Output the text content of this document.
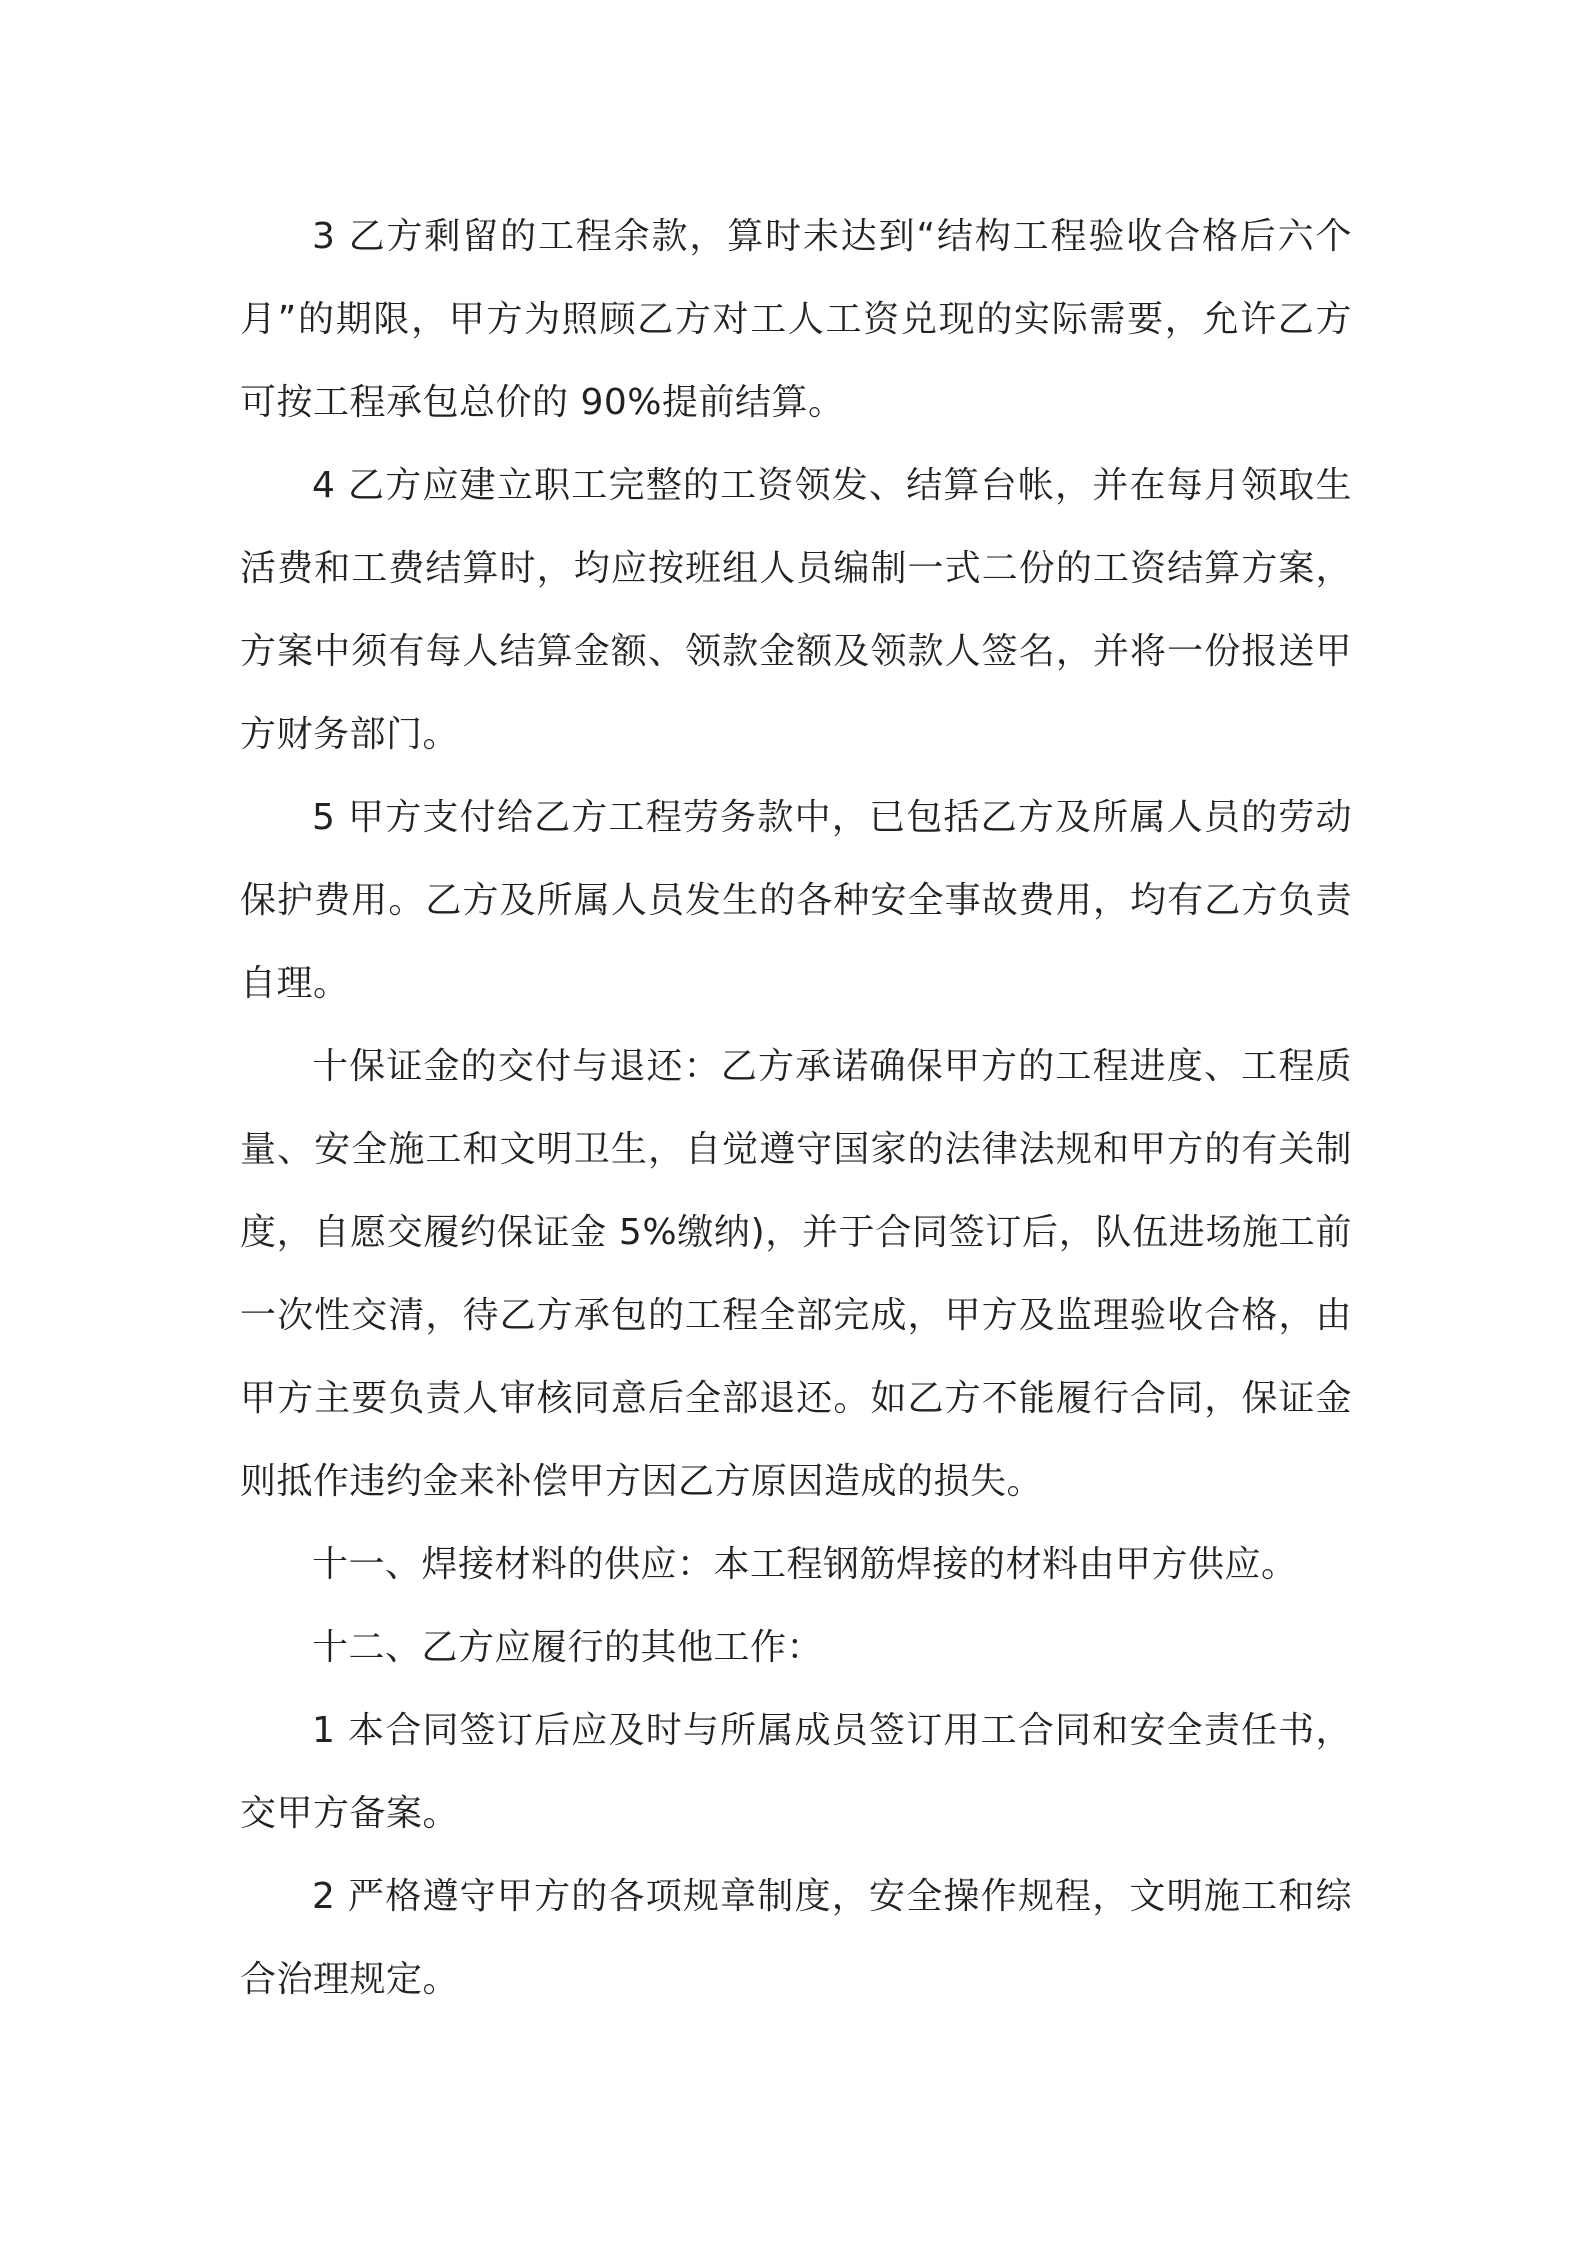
3 乙方剩留的工程余款，算时未达到“结构工程验收合格后六个月”的期限，甲方为照顾乙方对工人工资兑现的实际需要，允许乙方可按工程承包总价的 90%提前结算。

4 乙方应建立职工完整的工资领发、结算台帐，并在每月领取生活费和工费结算时，均应按班组人员编制一式二份的工资结算方案，方案中须有每人结算金额、领款金额及领款人签名，并将一份报送甲方财务部门。

5 甲方支付给乙方工程劳务款中，已包括乙方及所属人员的劳动保护费用。乙方及所属人员发生的各种安全事故费用，均有乙方负责自理。

十保证金的交付与退还：乙方承诺确保甲方的工程进度、工程质量、安全施工和文明卫生，自觉遵守国家的法律法规和甲方的有关制度，自愿交履约保证金 5%缴纳)，并于合同签订后，队伍进场施工前一次性交清，待乙方承包的工程全部完成，甲方及监理验收合格，由甲方主要负责人审核同意后全部退还。如乙方不能履行合同，保证金则抵作违约金来补偿甲方因乙方原因造成的损失。

十一、焊接材料的供应：本工程钢筋焊接的材料由甲方供应。

十二、乙方应履行的其他工作：

1 本合同签订后应及时与所属成员签订用工合同和安全责任书，交甲方备案。

2 严格遵守甲方的各项规章制度，安全操作规程，文明施工和综合治理规定。
